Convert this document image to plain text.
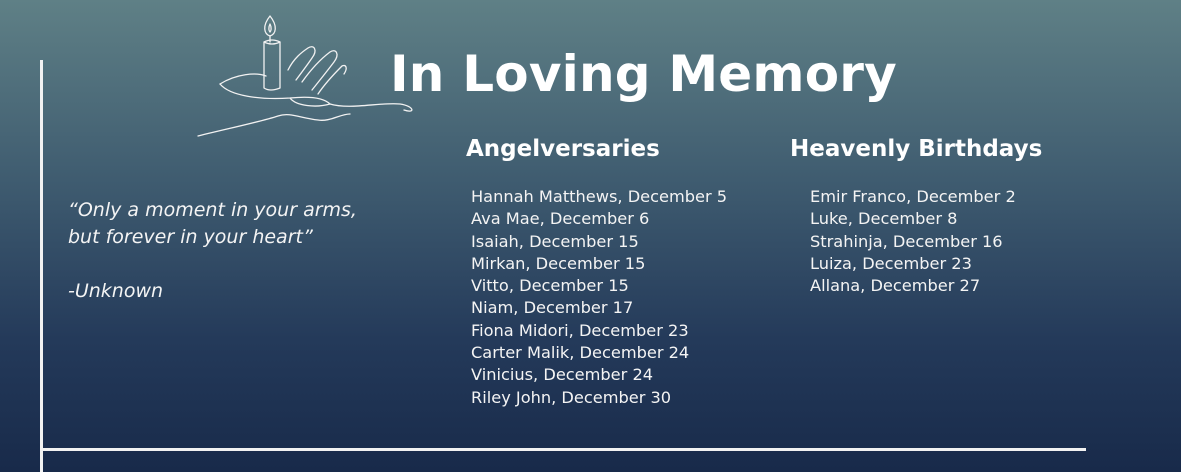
In Loving Memory
“Only a moment in your arms,
but forever in your heart”
-Unknown
Angelversaries
Hannah Matthews, December 5
Ava Mae, December 6
Isaiah, December 15
Mirkan, December 15
Vitto, December 15
Niam, December 17
Fiona Midori, December 23
Carter Malik, December 24
Vinicius, December 24
Riley John, December 30
Heavenly Birthdays
Emir Franco, December 2
Luke, December 8
Strahinja, December 16
Luiza, December 23
Allana, December 27
